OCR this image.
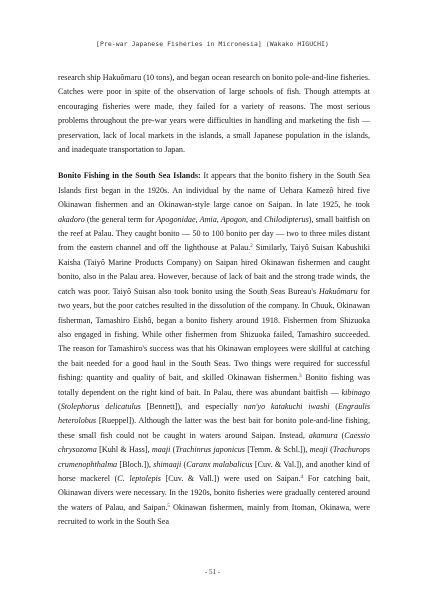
[Pre-war Japanese Fisheries in Micronesia] (Wakako HIGUCHI)

research ship Hakuômaru (10 tons), and began ocean research on bonito pole-and-line fisheries. Catches were poor in spite of the observation of large schools of fish. Though attempts at encouraging fisheries were made, they failed for a variety of reasons. The most serious problems throughout the pre-war years were difficulties in handling and marketing the fish — preservation, lack of local markets in the islands, a small Japanese population in the islands, and inadequate transportation to Japan.

Bonito Fishing in the South Sea Islands: It appears that the bonito fishery in the South Sea Islands first began in the 1920s. An individual by the name of Uehara Kamezô hired five Okinawan fishermen and an Okinawan-style large canoe on Saipan. In late 1925, he took akadoro (the general term for Apogonidae, Amia, Apogon, and Chilodipterus), small baitfish on the reef at Palau. They caught bonito — 50 to 100 bonito per day — two to three miles distant from the eastern channel and off the lighthouse at Palau.$^2$ Similarly, Taiyô Suisan Kabushiki Kaisha (Taiyô Marine Products Company) on Saipan hired Okinawan fishermen and caught bonito, also in the Palau area. However, because of lack of bait and the strong trade winds, the catch was poor. Taiyô Suisan also took bonito using the South Seas Bureau's Hakuômaru for two years, but the poor catches resulted in the dissolution of the company. In Chuuk, Okinawan fisherman, Tamashiro Eishô, began a bonito fishery around 1918. Fishermen from Shizuoka also engaged in fishing. While other fishermen from Shizuoka failed, Tamashiro succeeded. The reason for Tamashiro's success was that his Okinawan employees were skillful at catching the bait needed for a good haul in the South Seas. Two things were required for successful fishing: quantity and quality of bait, and skilled Okinawan fishermen.$^3$ Bonito fishing was totally dependent on the right kind of bait. In Palau, there was abundant baitfish — kibinago (Stolephorus delicatulus [Bennett]), and especially nan'yo katakuchi iwashi (Engraulis heterolobus [Rueppel]). Although the latter was the best bait for bonito pole-and-line fishing, these small fish could not be caught in waters around Saipan. Instead, akamura (Caessio chrysozoma [Kuhl & Hass], maaji (Trachinrus japonicus [Temm. & Schl.]), meaji (Trachurops crumenophthalma [Bloch.]), shimaaji (Caranx malabalicus [Cuv. & Val.]), and another kind of horse mackerel (C. leptolepis [Cuv. & Vall.]) were used on Saipan.$^4$ For catching bait, Okinawan divers were necessary. In the 1920s, bonito fisheries were gradually centered around the waters of Palau, and Saipan.$^5$ Okinawan fishermen, mainly from Itoman, Okinawa, were recruited to work in the South Sea

- 51 -
